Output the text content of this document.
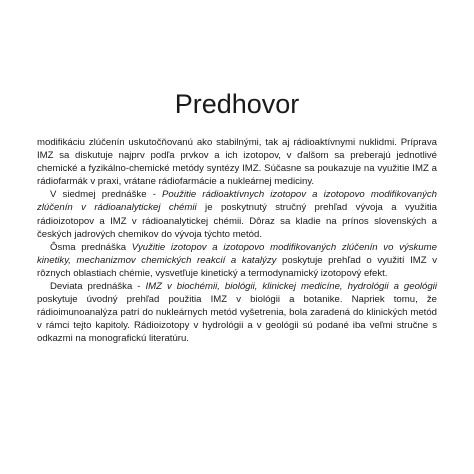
Predhovor

modifikáciu zlúčenín uskutočňovanú ako stabilnými, tak aj rádioaktívnymi nuklidmi. Príprava IMZ sa diskutuje najprv podľa prvkov a ich izotopov, v ďalšom sa preberajú jednotlivé chemické a fyzikálno-chemické metódy syntézy IMZ. Súčasne sa poukazuje na využitie IMZ a rádiofarmák v praxi, vrátane rádiofarmácie a nukleárnej mediciny.

V siedmej prednáške - Použitie rádioaktívnych izotopov a izotopovo modifikovaných zlúčenín v rádioanalytickej chémii je poskytnutý stručný prehľad vývoja a využitia rádioizotopov a IMZ v rádioanalytickej chémii. Dôraz sa kladie na prínos slovenských a českých jadrových chemikov do vývoja týchto metód.

Ôsma prednáška Využitie izotopov a izotopovo modifikovaných zlúčenín vo výskume kinetiky, mechanizmov chemických reakcií a katalýzy poskytuje prehľad o využití IMZ v rôznych oblastiach chémie, vysvetľuje kinetický a termodynamický izotopový efekt.

Deviata prednáška - IMZ v biochémii, biológii, klinickej medicíne, hydrológii a geológii poskytuje úvodný prehľad použitia IMZ v biológii a botanike. Napriek tomu, že rádioimunoanalýza patrí do nukleárnych metód vyšetrenia, bola zaradená do klinických metód v rámci tejto kapitoly. Rádioizotopy v hydrológii a v geológii sú podané iba veľmi stručne s odkazmi na monografickú literatúru.
